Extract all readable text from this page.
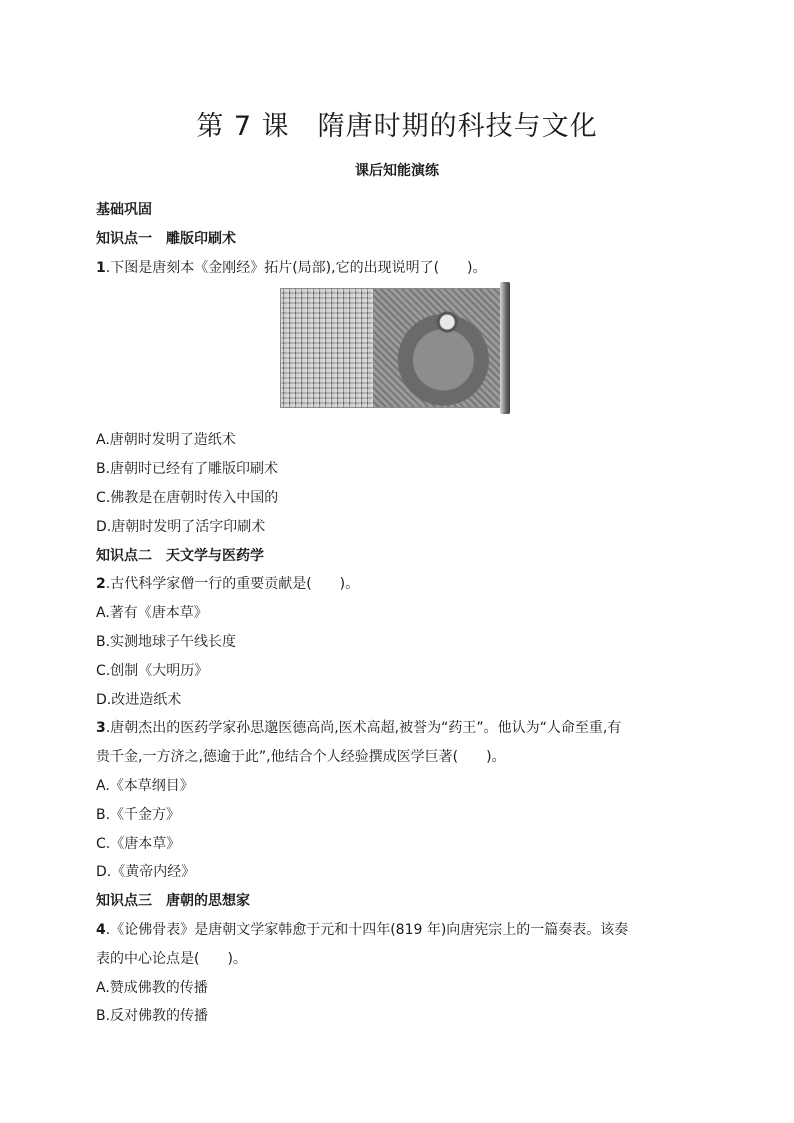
第 7 课　隋唐时期的科技与文化
课后知能演练
基础巩固
知识点一　雕版印刷术
1.下图是唐刻本《金刚经》拓片(局部),它的出现说明了(　　)。
A.唐朝时发明了造纸术
B.唐朝时已经有了雕版印刷术
C.佛教是在唐朝时传入中国的
D.唐朝时发明了活字印刷术
知识点二　天文学与医药学
2.古代科学家僧一行的重要贡献是(　　)。
A.著有《唐本草》
B.实测地球子午线长度
C.创制《大明历》
D.改进造纸术
3.唐朝杰出的医药学家孙思邈医德高尚,医术高超,被誉为“药王”。他认为“人命至重,有
贵千金,一方济之,德逾于此”,他结合个人经验撰成医学巨著(　　)。
A.《本草纲目》
B.《千金方》
C.《唐本草》
D.《黄帝内经》
知识点三　唐朝的思想家
4.《论佛骨表》是唐朝文学家韩愈于元和十四年(819 年)向唐宪宗上的一篇奏表。该奏
表的中心论点是(　　)。
A.赞成佛教的传播
B.反对佛教的传播
